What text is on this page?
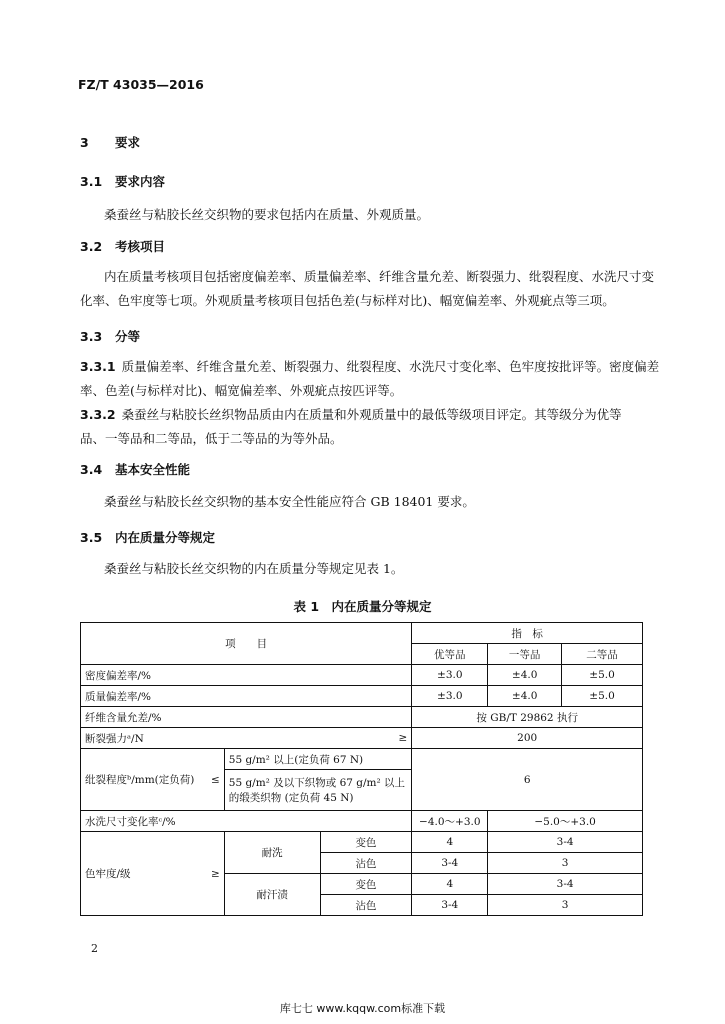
FZ/T 43035—2016
3 要求
3.1 要求内容
桑蚕丝与粘胶长丝交织物的要求包括内在质量、外观质量。
3.2 考核项目
内在质量考核项目包括密度偏差率、质量偏差率、纤维含量允差、断裂强力、纰裂程度、水洗尺寸变
化率、色牢度等七项。外观质量考核项目包括色差(与标样对比)、幅宽偏差率、外观疵点等三项。
3.3 分等
3.3.1 质量偏差率、纤维含量允差、断裂强力、纰裂程度、水洗尺寸变化率、色牢度按批评等。密度偏差
率、色差(与标样对比)、幅宽偏差率、外观疵点按匹评等。
3.3.2 桑蚕丝与粘胶长丝织物品质由内在质量和外观质量中的最低等级项目评定。其等级分为优等
品、一等品和二等品，低于二等品的为等外品。
3.4 基本安全性能
桑蚕丝与粘胶长丝交织物的基本安全性能应符合 GB 18401 要求。
3.5 内在质量分等规定
桑蚕丝与粘胶长丝交织物的内在质量分等规定见表 1。
表 1　内在质量分等规定
项　　目			指　标		
			优等品	一等品	二等品
密度偏差率/%			±3.0	±4.0	±5.0
质量偏差率/%			±3.0	±4.0	±5.0
纤维含量允差/%			按 GB/T 29862 执行		

断裂强力ᵃ/N ≥			200		

纰裂程度ᵇ/mm(定负荷) ≤	55 g/m² 以上(定负荷 67 N)		6		

	55 g/m² 及以下织物或 67 g/m² 以上
的缎类织物 (定负荷 45 N)				

水洗尺寸变化率ᶜ/%			−4.0～+3.0	−5.0～+3.0	

色牢度/级 ≥	耐洗	变色	4	3-4	
		沾色	3-4	3	
	耐汗渍	变色	4	3-4	
		沾色	3-4	3	
2
库七七 www.kqqw.com标准下载
